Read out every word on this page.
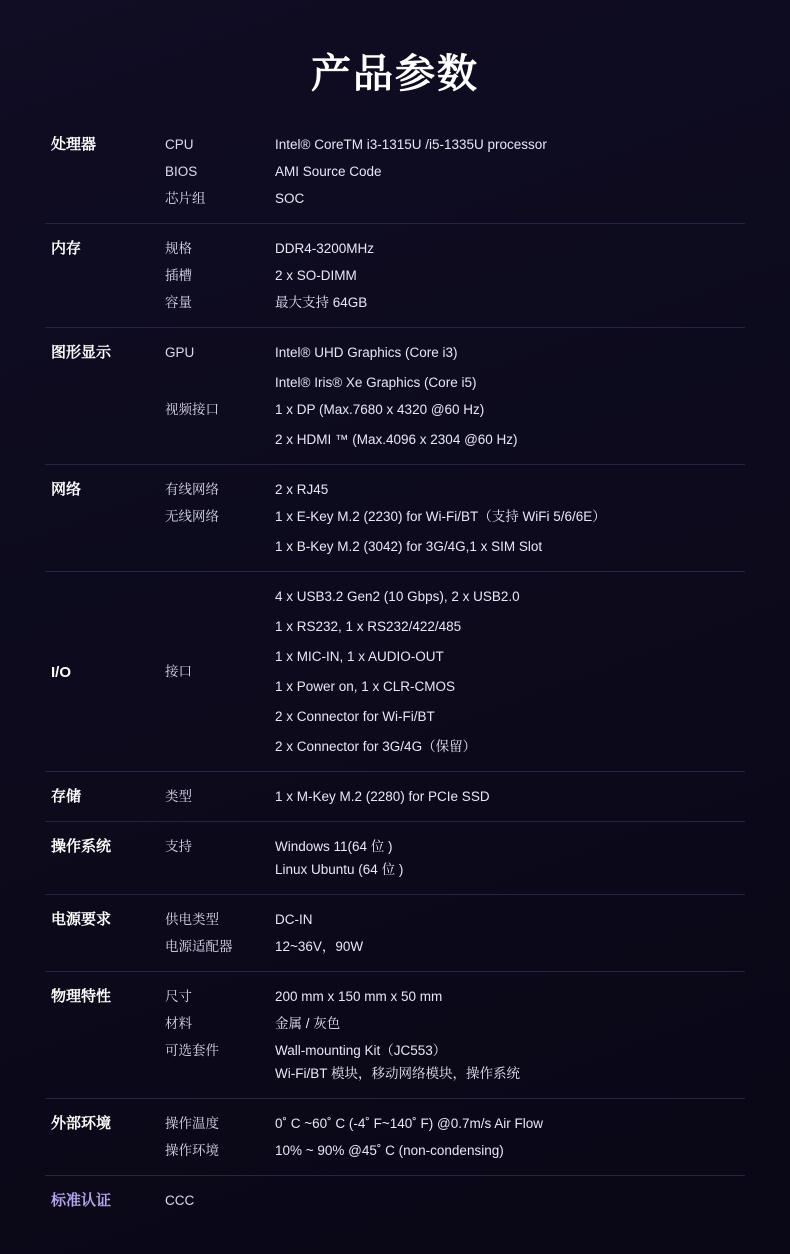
产品参数
处理器	CPU	Intel® CoreTM i3-1315U /i5-1335U processor
BIOS	AMI Source Code
芯片组	SOC
内存	规格	DDR4-3200MHz
插槽	2 x SO-DIMM
容量	最大支持 64GB
图形显示	GPU	Intel® UHD Graphics (Core i3)
Intel® Iris® Xe Graphics (Core i5)
视频接口	1 x DP (Max.7680 x 4320 @60 Hz)
2 x HDMI ™ (Max.4096 x 2304 @60 Hz)
网络	有线网络	2 x RJ45
无线网络	1 x E-Key M.2 (2230) for Wi-Fi/BT（支持 WiFi 5/6/6E）
1 x B-Key M.2 (3042) for 3G/4G,1 x SIM Slot
I/O	接口
4 x USB3.2 Gen2 (10 Gbps), 2 x USB2.0
1 x RS232, 1 x RS232/422/485
1 x MIC-IN, 1 x AUDIO-OUT
1 x Power on, 1 x CLR-CMOS
2 x Connector for Wi-Fi/BT
2 x Connector for 3G/4G（保留）
存储	类型	1 x M-Key M.2 (2280) for PCIe SSD
操作系统	支持	Windows 11(64 位 )
Linux Ubuntu (64 位 )
电源要求	供电类型	DC-IN
电源适配器	12~36V，90W
物理特性	尺寸	200 mm x 150 mm x 50 mm
材料	金属 / 灰色
可选套件	Wall-mounting Kit（JC553）
Wi-Fi/BT 模块，移动网络模块，操作系统
外部环境	操作温度	0˚ C ~60˚ C (-4˚ F~140˚ F) @0.7m/s Air Flow
操作环境	10% ~ 90% @45˚ C (non-condensing)
标准认证	CCC
